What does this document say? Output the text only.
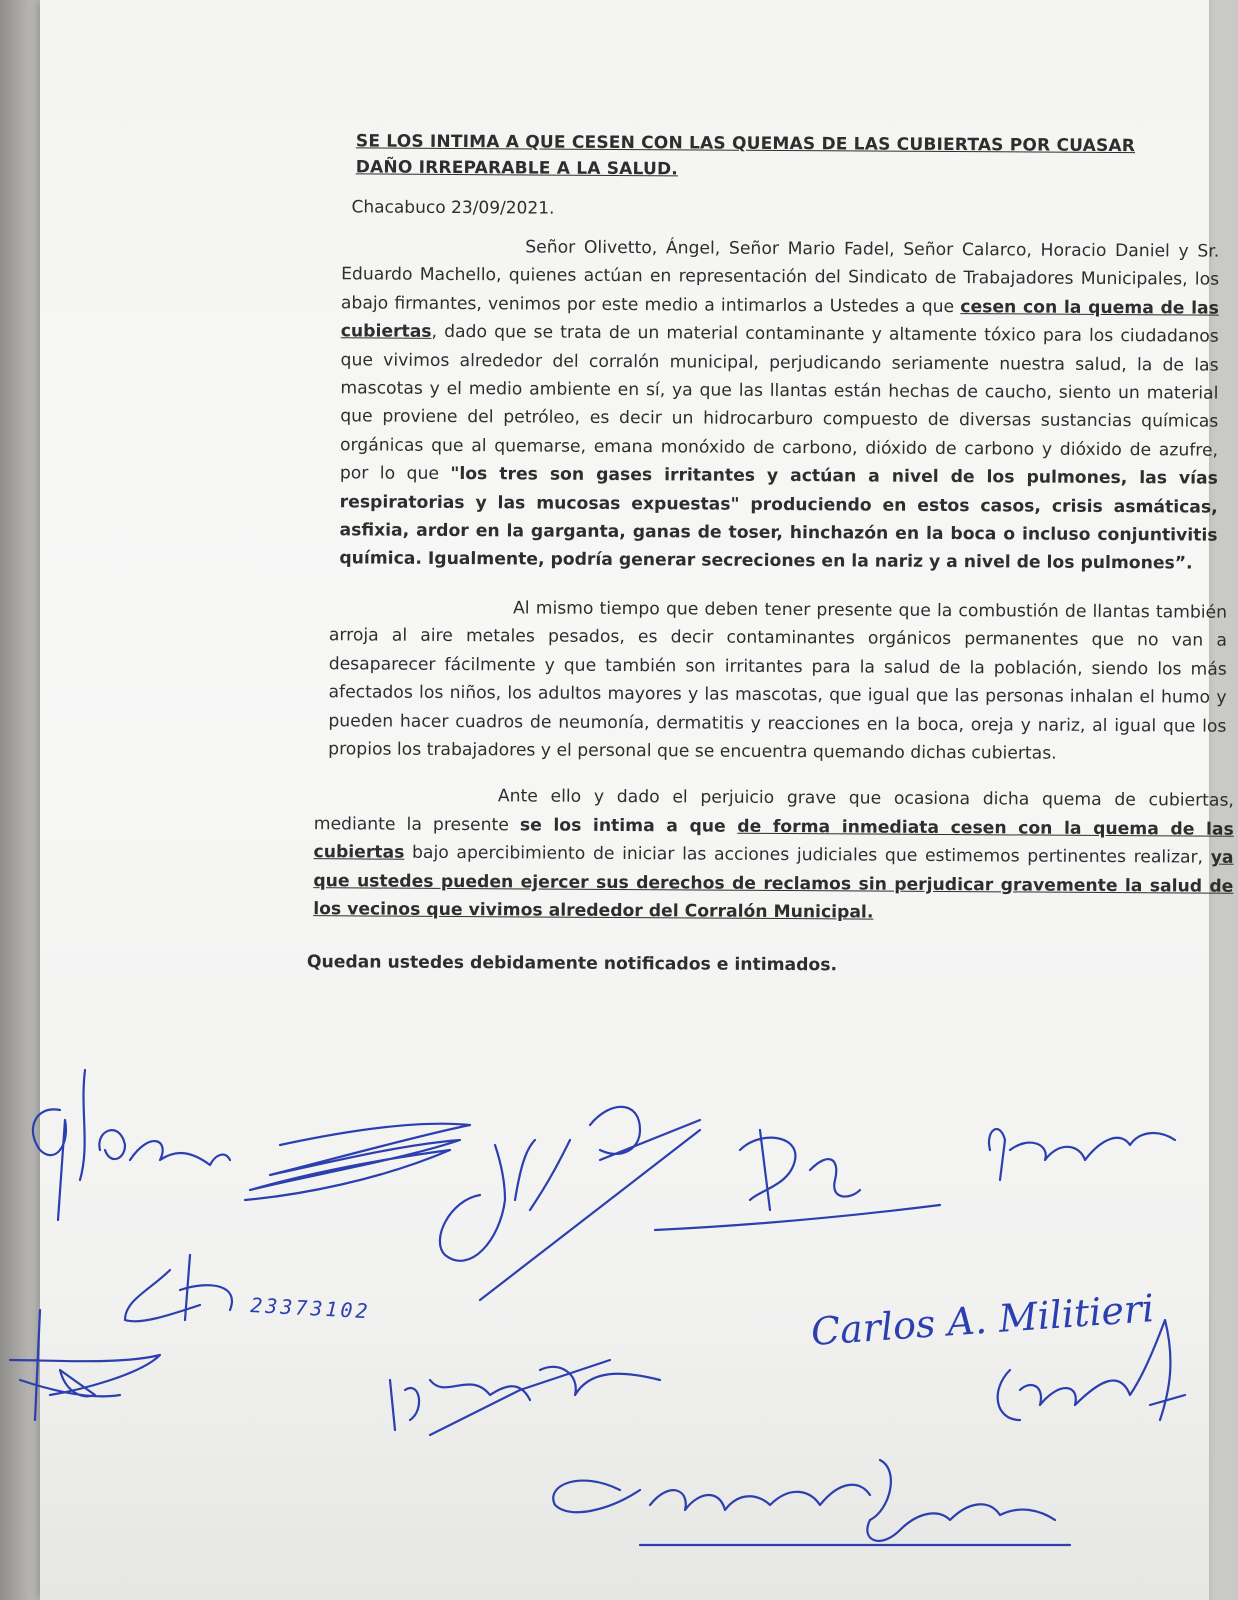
SE LOS INTIMA A QUE CESEN CON LAS QUEMAS DE LAS CUBIERTAS POR CUASAR DAÑO IRREPARABLE A LA SALUD.
Chacabuco 23/09/2021.
Señor Olivetto, Ángel, Señor Mario Fadel, Señor Calarco, Horacio Daniel y Sr. Eduardo Machello, quienes actúan en representación del Sindicato de Trabajadores Municipales, los abajo firmantes, venimos por este medio a intimarlos a Ustedes a que cesen con la quema de las cubiertas, dado que se trata de un material contaminante y altamente tóxico para los ciudadanos que vivimos alrededor del corralón municipal, perjudicando seriamente nuestra salud, la de las mascotas y el medio ambiente en sí, ya que las llantas están hechas de caucho, siento un material que proviene del petróleo, es decir un hidrocarburo compuesto de diversas sustancias químicas orgánicas que al quemarse, emana monóxido de carbono, dióxido de carbono y dióxido de azufre, por lo que "los tres son gases irritantes y actúan a nivel de los pulmones, las vías respiratorias y las mucosas expuestas" produciendo en estos casos, crisis asmáticas, asfixia, ardor en la garganta, ganas de toser, hinchazón en la boca o incluso conjuntivitis química. Igualmente, podría generar secreciones en la nariz y a nivel de los pulmones”.
Al mismo tiempo que deben tener presente que la combustión de llantas también arroja al aire metales pesados, es decir contaminantes orgánicos permanentes que no van a desaparecer fácilmente y que también son irritantes para la salud de la población, siendo los más afectados los niños, los adultos mayores y las mascotas, que igual que las personas inhalan el humo y pueden hacer cuadros de neumonía, dermatitis y reacciones en la boca, oreja y nariz, al igual que los propios los trabajadores y el personal que se encuentra quemando dichas cubiertas.
Ante ello y dado el perjuicio grave que ocasiona dicha quema de cubiertas, mediante la presente se los intima a que de forma inmediata cesen con la quema de las cubiertas bajo apercibimiento de iniciar las acciones judiciales que estimemos pertinentes realizar, ya que ustedes pueden ejercer sus derechos de reclamos sin perjudicar gravemente la salud de los vecinos que vivimos alrededor del Corralón Municipal.
Quedan ustedes debidamente notificados e intimados.
23373102	Carlos A. Militieri
